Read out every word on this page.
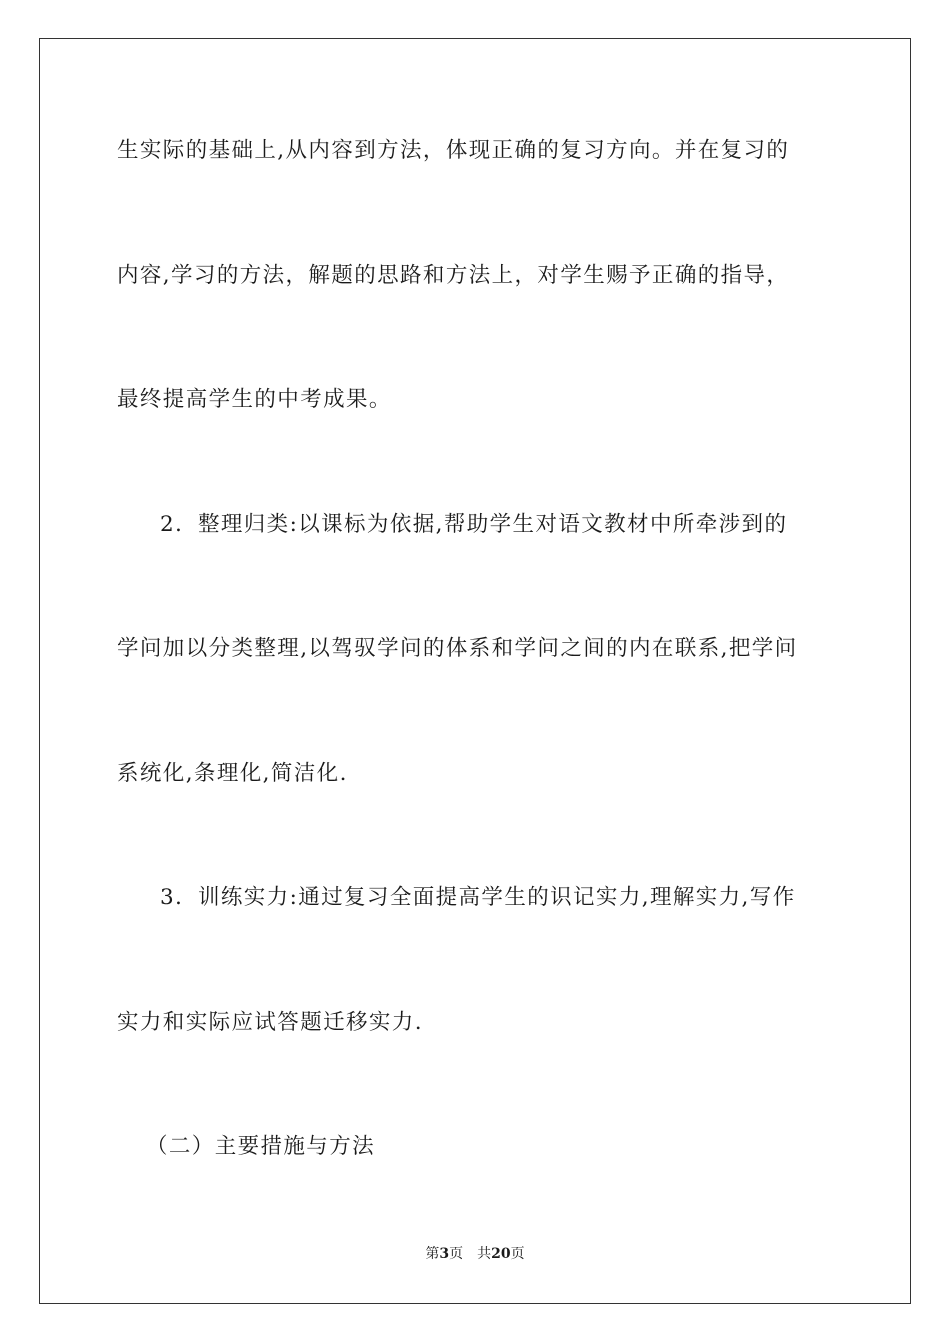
生实际的基础上,从内容到方法，体现正确的复习方向。并在复习的
内容,学习的方法，解题的思路和方法上，对学生赐予正确的指导，
最终提高学生的中考成果。
2．整理归类:以课标为依据,帮助学生对语文教材中所牵涉到的
学问加以分类整理,以驾驭学问的体系和学问之间的内在联系,把学问
系统化,条理化,简洁化.
3．训练实力:通过复习全面提高学生的识记实力,理解实力,写作
实力和实际应试答题迁移实力.
（二）主要措施与方法
第3页 共20页
